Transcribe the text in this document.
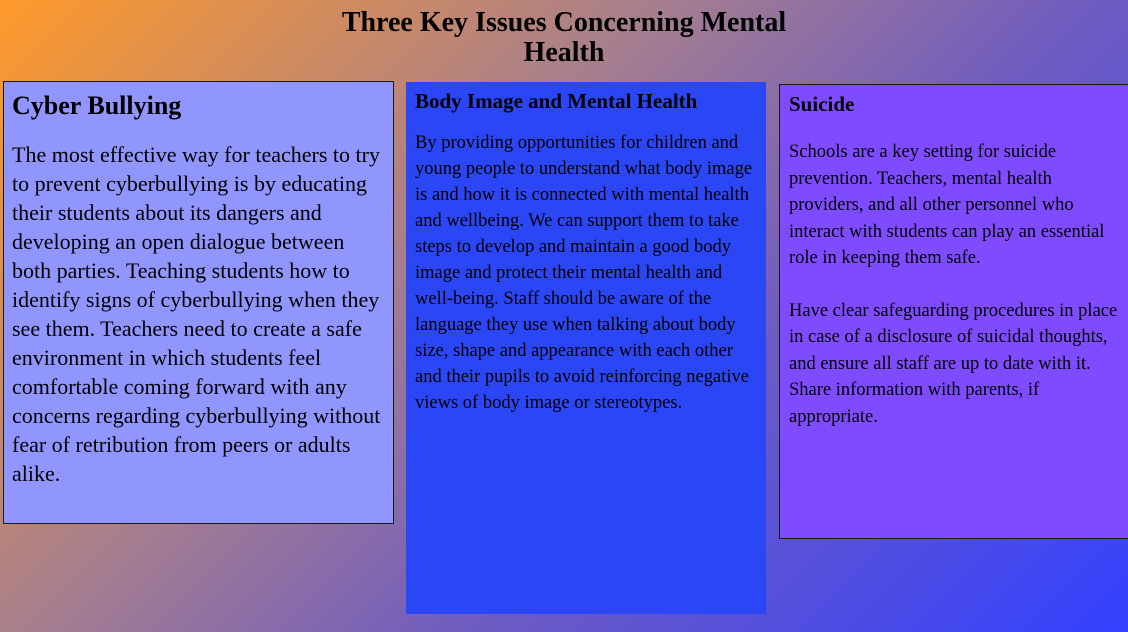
Three Key Issues Concerning Mental Health
Cyber Bullying

The most effective way for teachers to try to prevent cyberbullying is by educating their students about its dangers and developing an open dialogue between both parties. Teaching students how to identify signs of cyberbullying when they see them. Teachers need to create a safe environment in which students feel comfortable coming forward with any concerns regarding cyberbullying without fear of retribution from peers or adults alike.

Body Image and Mental Health

By providing opportunities for children and young people to understand what body image is and how it is connected with mental health and wellbeing. We can support them to take steps to develop and maintain a good body image and protect their mental health and well-being. Staff should be aware of the language they use when talking about body size, shape and appearance with each other and their pupils to avoid reinforcing negative views of body image or stereotypes.

Suicide

Schools are a key setting for suicide prevention. Teachers, mental health providers, and all other personnel who interact with students can play an essential role in keeping them safe.

Have clear safeguarding procedures in place in case of a disclosure of suicidal thoughts, and ensure all staff are up to date with it. Share information with parents, if appropriate.
